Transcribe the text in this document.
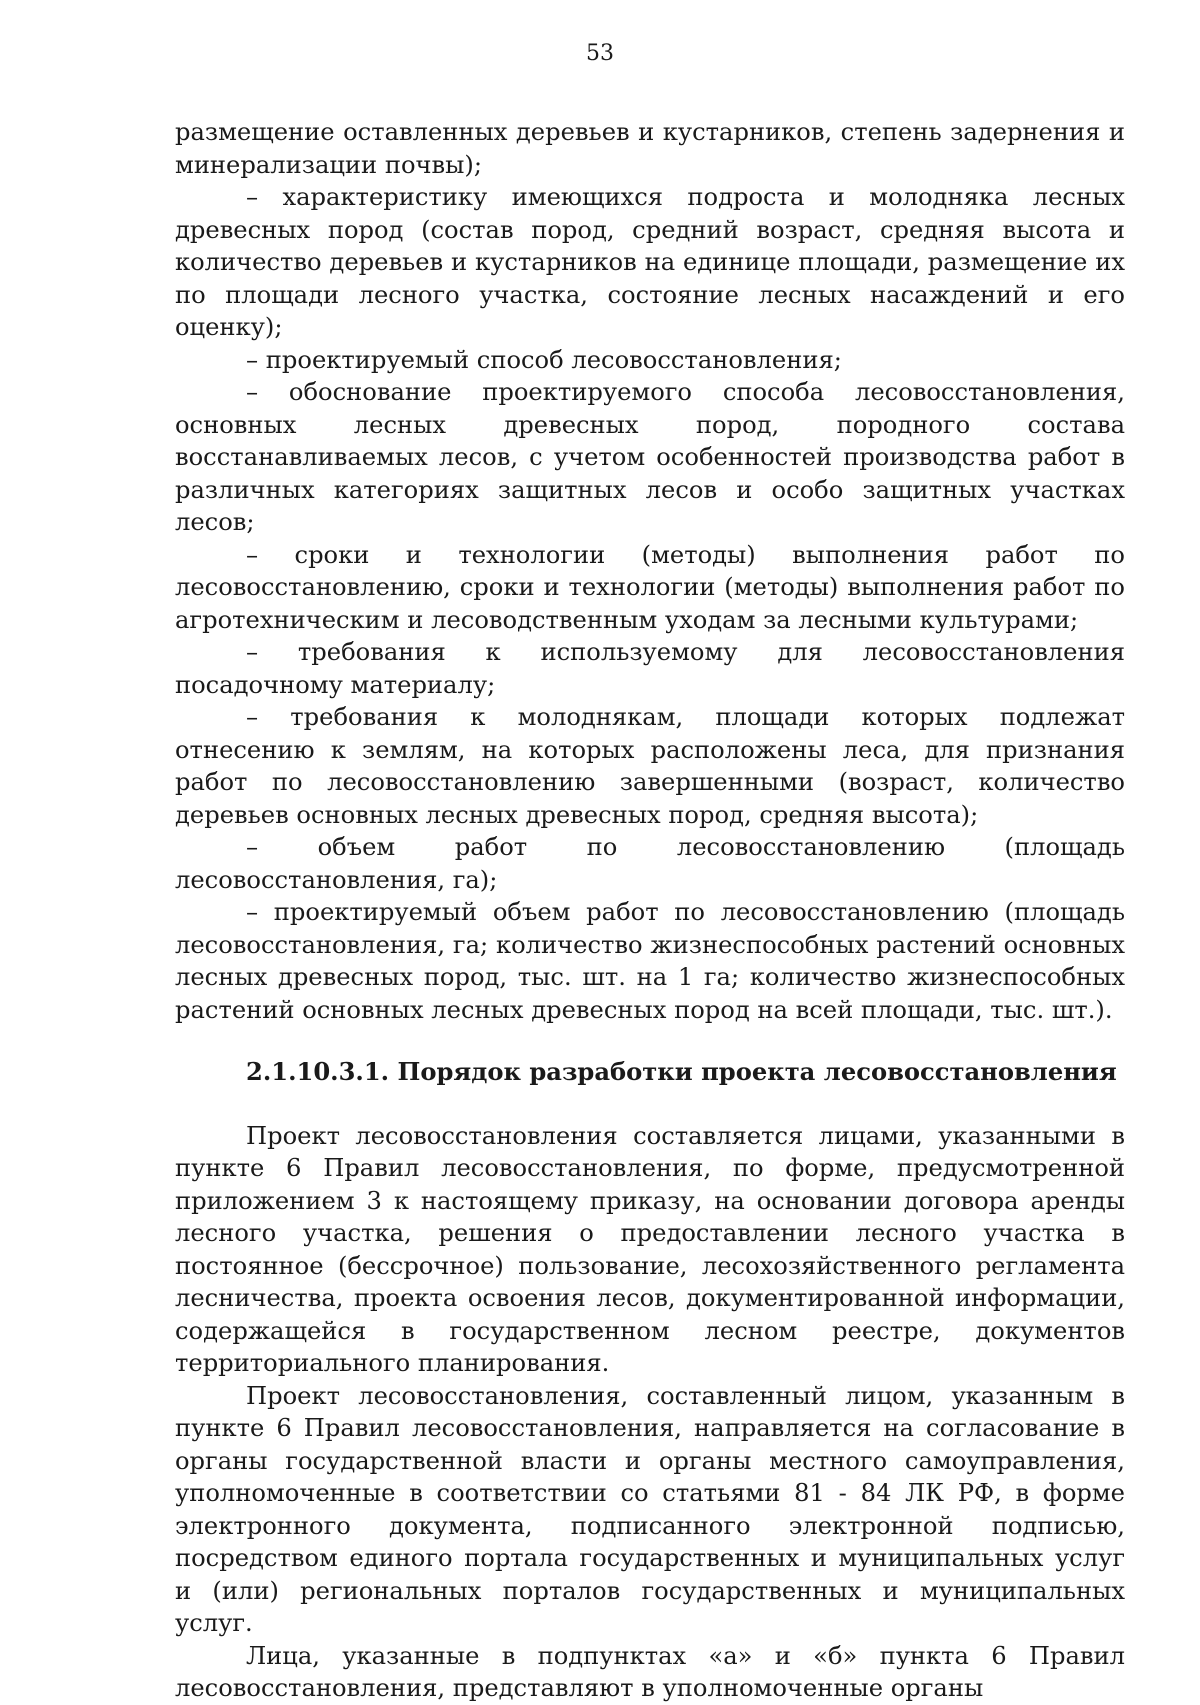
53

размещение оставленных деревьев и кустарников, степень задернения и минерализации почвы);

– характеристику имеющихся подроста и молодняка лесных древесных пород (состав пород, средний возраст, средняя высота и количество деревьев и кустарников на единице площади, размещение их по площади лесного участка, состояние лесных насаждений и его оценку);

– проектируемый способ лесовосстановления;

– обоснование проектируемого способа лесовосстановления, основных лесных древесных пород, породного состава восстанавливаемых лесов, с учетом особенностей производства работ в различных категориях защитных лесов и особо защитных участках лесов;

– сроки и технологии (методы) выполнения работ по лесовосстановлению, сроки и технологии (методы) выполнения работ по агротехническим и лесоводственным уходам за лесными культурами;

– требования к используемому для лесовосстановления посадочному материалу;

– требования к молоднякам, площади которых подлежат отнесению к землям, на которых расположены леса, для признания работ по лесовосстановлению завершенными (возраст, количество деревьев основных лесных древесных пород, средняя высота);

– объем работ по лесовосстановлению (площадь лесовосстановления, га);

– проектируемый объем работ по лесовосстановлению (площадь лесовосстановления, га; количество жизнеспособных растений основных лесных древесных пород, тыс. шт. на 1 га; количество жизнеспособных растений основных лесных древесных пород на всей площади, тыс. шт.).

2.1.10.3.1. Порядок разработки проекта лесовосстановления

Проект лесовосстановления составляется лицами, указанными в пункте 6 Правил лесовосстановления, по форме, предусмотренной приложением 3 к настоящему приказу, на основании договора аренды лесного участка, решения о предоставлении лесного участка в постоянное (бессрочное) пользование, лесохозяйственного регламента лесничества, проекта освоения лесов, документированной информации, содержащейся в государственном лесном реестре, документов территориального планирования.

Проект лесовосстановления, составленный лицом, указанным в пункте 6 Правил лесовосстановления, направляется на согласование в органы государственной власти и органы местного самоуправления, уполномоченные в соответствии со статьями 81 - 84 ЛК РФ, в форме электронного документа, подписанного электронной подписью, посредством единого портала государственных и муниципальных услуг и (или) региональных порталов государственных и муниципальных услуг.

Лица, указанные в подпунктах «а» и «б» пункта 6 Правил лесовосстановления, представляют в уполномоченные органы
